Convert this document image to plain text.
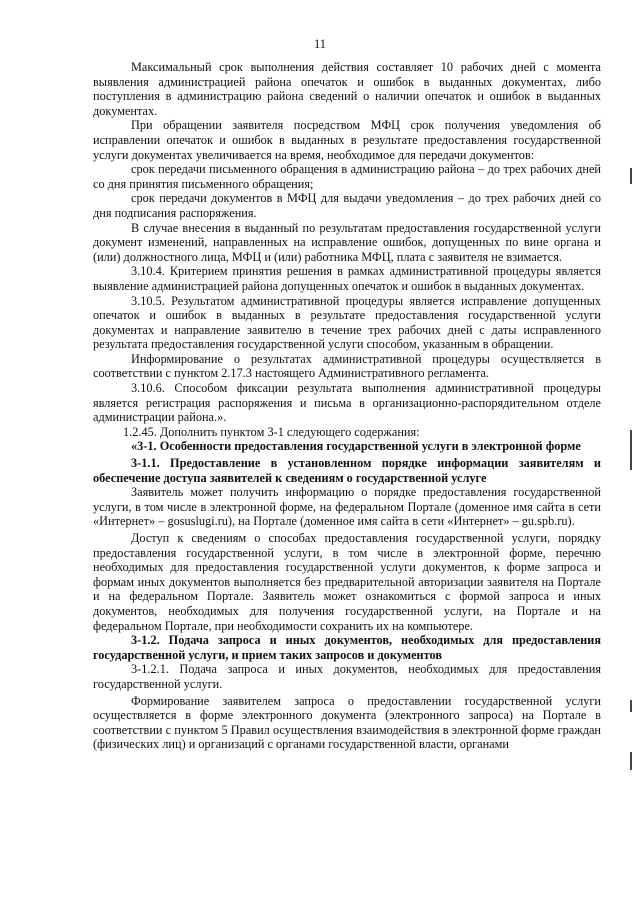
11

Максимальный срок выполнения действия составляет 10 рабочих дней с момента выявления администрацией района опечаток и ошибок в выданных документах, либо поступления в администрацию района сведений о наличии опечаток и ошибок в выданных документах.

При обращении заявителя посредством МФЦ срок получения уведомления об исправлении опечаток и ошибок в выданных в результате предоставления государственной услуги документах увеличивается на время, необходимое для передачи документов:

срок передачи письменного обращения в администрацию района – до трех рабочих дней со дня принятия письменного обращения;

срок передачи документов в МФЦ для выдачи уведомления – до трех рабочих дней со дня подписания распоряжения.

В случае внесения в выданный по результатам предоставления государственной услуги документ изменений, направленных на исправление ошибок, допущенных по вине органа и (или) должностного лица, МФЦ и (или) работника МФЦ, плата с заявителя не взимается.

3.10.4. Критерием принятия решения в рамках административной процедуры является выявление администрацией района допущенных опечаток и ошибок в выданных документах.

3.10.5. Результатом административной процедуры является исправление допущенных опечаток и ошибок в выданных в результате предоставления государственной услуги документах и направление заявителю в течение трех рабочих дней с даты исправленного результата предоставления государственной услуги способом, указанным в обращении.

Информирование о результатах административной процедуры осуществляется в соответствии с пунктом 2.17.3 настоящего Административного регламента.

3.10.6. Способом фиксации результата выполнения административной процедуры является регистрация распоряжения и письма в организационно-распорядительном отделе администрации района.».

1.2.45. Дополнить пунктом 3-1 следующего содержания:

«3-1. Особенности предоставления государственной услуги в электронной форме

3-1.1. Предоставление в установленном порядке информации заявителям и обеспечение доступа заявителей к сведениям о государственной услуге

Заявитель может получить информацию о порядке предоставления государственной услуги, в том числе в электронной форме, на федеральном Портале (доменное имя сайта в сети «Интернет» – gosuslugi.ru), на Портале (доменное имя сайта в сети «Интернет» – gu.spb.ru).

Доступ к сведениям о способах предоставления государственной услуги, порядку предоставления государственной услуги, в том числе в электронной форме, перечню необходимых для предоставления государственной услуги документов, к форме запроса и формам иных документов выполняется без предварительной авторизации заявителя на Портале и на федеральном Портале. Заявитель может ознакомиться с формой запроса и иных документов, необходимых для получения государственной услуги, на Портале и на федеральном Портале, при необходимости сохранить их на компьютере.

3-1.2. Подача запроса и иных документов, необходимых для предоставления государственной услуги, и прием таких запросов и документов

3-1.2.1. Подача запроса и иных документов, необходимых для предоставления государственной услуги.

Формирование заявителем запроса о предоставлении государственной услуги осуществляется в форме электронного документа (электронного запроса) на Портале в соответствии с пунктом 5 Правил осуществления взаимодействия в электронной форме граждан (физических лиц) и организаций с органами государственной власти, органами
